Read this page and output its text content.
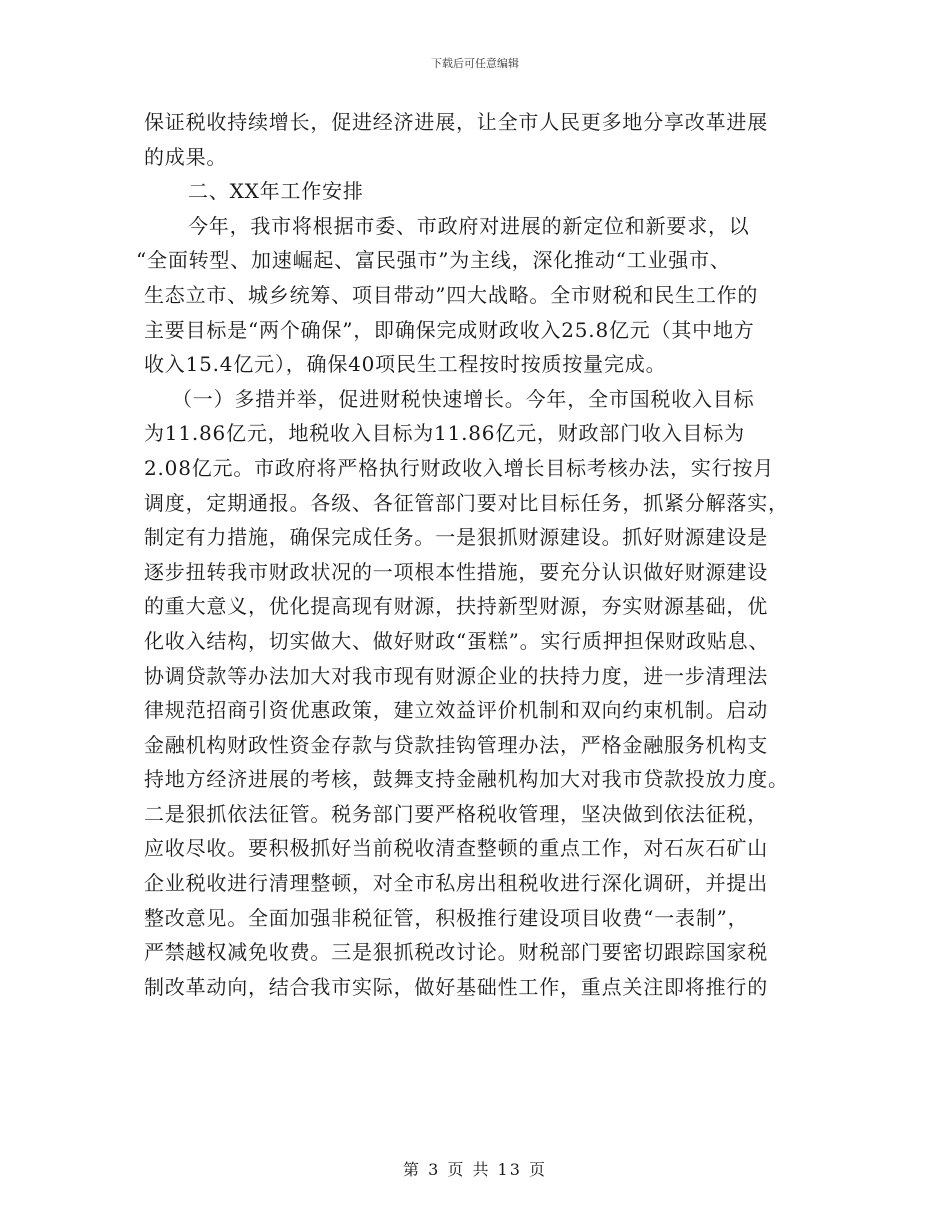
下载后可任意编辑
保证税收持续增长，促进经济进展，让全市人民更多地分享改革进展
的成果。
二、XX年工作安排
今年，我市将根据市委、市政府对进展的新定位和新要求，以
“全面转型、加速崛起、富民强市”为主线，深化推动“工业强市、
生态立市、城乡统筹、项目带动”四大战略。全市财税和民生工作的
主要目标是“两个确保”，即确保完成财政收入25.8亿元（其中地方
收入15.4亿元），确保40项民生工程按时按质按量完成。
（一）多措并举，促进财税快速增长。今年，全市国税收入目标
为11.86亿元，地税收入目标为11.86亿元，财政部门收入目标为
2.08亿元。市政府将严格执行财政收入增长目标考核办法，实行按月
调度，定期通报。各级、各征管部门要对比目标任务，抓紧分解落实，
制定有力措施，确保完成任务。一是狠抓财源建设。抓好财源建设是
逐步扭转我市财政状况的一项根本性措施，要充分认识做好财源建设
的重大意义，优化提高现有财源，扶持新型财源，夯实财源基础，优
化收入结构，切实做大、做好财政“蛋糕”。实行质押担保财政贴息、
协调贷款等办法加大对我市现有财源企业的扶持力度，进一步清理法
律规范招商引资优惠政策，建立效益评价机制和双向约束机制。启动
金融机构财政性资金存款与贷款挂钩管理办法，严格金融服务机构支
持地方经济进展的考核，鼓舞支持金融机构加大对我市贷款投放力度。
二是狠抓依法征管。税务部门要严格税收管理，坚决做到依法征税，
应收尽收。要积极抓好当前税收清查整顿的重点工作，对石灰石矿山
企业税收进行清理整顿，对全市私房出租税收进行深化调研，并提出
整改意见。全面加强非税征管，积极推行建设项目收费“一表制”，
严禁越权减免收费。三是狠抓税改讨论。财税部门要密切跟踪国家税
制改革动向，结合我市实际，做好基础性工作，重点关注即将推行的
第 3 页 共 13 页
